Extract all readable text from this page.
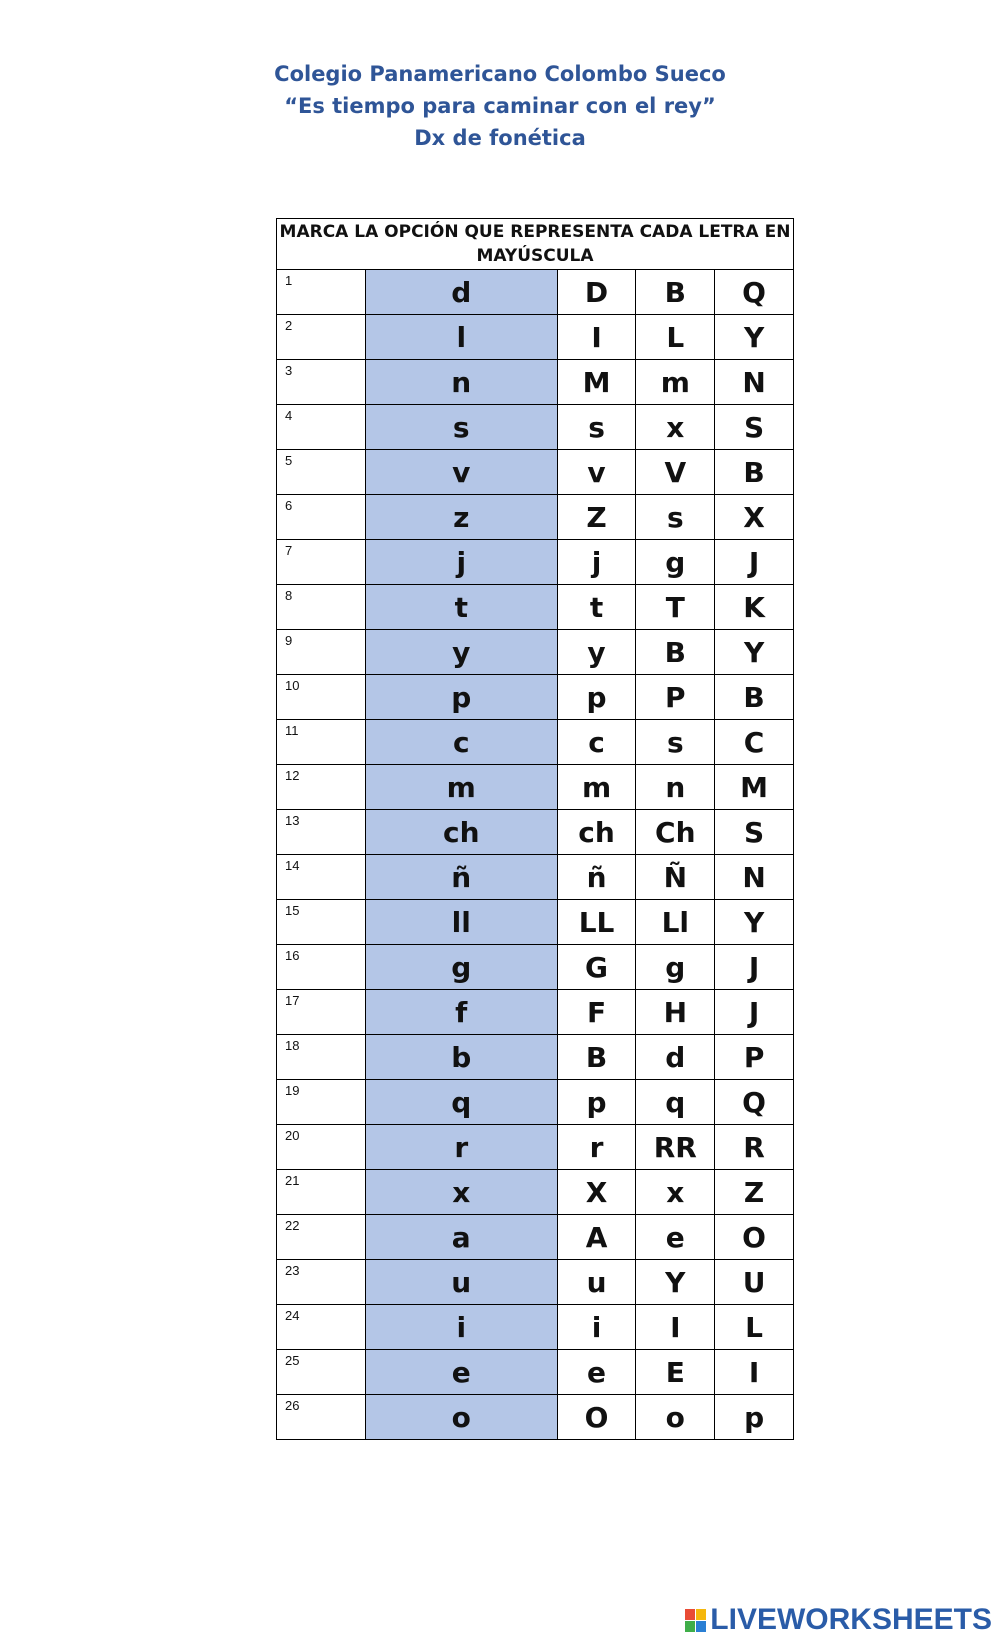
Colegio Panamericano Colombo Sueco
“Es tiempo para caminar con el rey”
Dx de fonética
MARCA LA OPCIÓN QUE REPRESENTA CADA LETRA EN MAYÚSCULA				

1	d	D	B	Q

2	l	I	L	Y

3	n	M	m	N

4	s	s	x	S

5	v	v	V	B

6	z	Z	s	X

7	j	j	g	J

8	t	t	T	K

9	y	y	B	Y

10	p	p	P	B

11	c	c	s	C

12	m	m	n	M

13	ch	ch	Ch	S

14	ñ	ñ	Ñ	N

15	ll	LL	Ll	Y

16	g	G	g	J

17	f	F	H	J

18	b	B	d	P

19	q	p	q	Q

20	r	r	RR	R

21	x	X	x	Z

22	a	A	e	O

23	u	u	Y	U

24	i	i	I	L

25	e	e	E	I

26	o	O	o	p
LIVEWORKSHEETS
